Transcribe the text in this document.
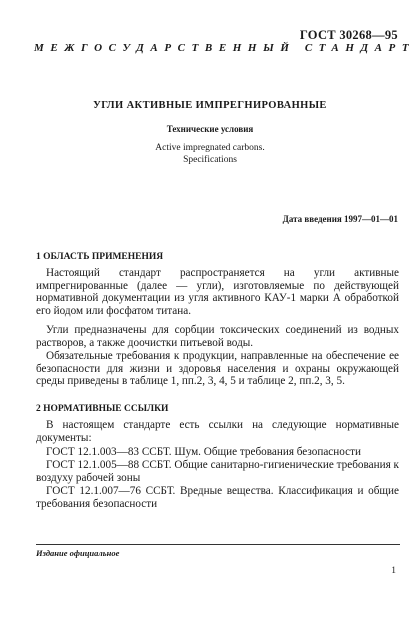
ГОСТ 30268—95
МЕЖГОСУДАРСТВЕННЫЙ СТАНДАРТ
УГЛИ АКТИВНЫЕ ИМПРЕГНИРОВАННЫЕ
Технические условия
Active impregnated carbons.
Specifications
Дата введения 1997—01—01
1 ОБЛАСТЬ ПРИМЕНЕНИЯ
Настоящий стандарт распространяется на угли активные импрегнированные (далее — угли), изготовляемые по действующей нормативной документации из угля активного КАУ-1 марки А обработкой его йодом или фосфатом титана.
Угли предназначены для сорбции токсических соединений из водных растворов, а также доочистки питьевой воды.
Обязательные требования к продукции, направленные на обеспечение ее безопасности для жизни и здоровья населения и охраны окружающей среды приведены в таблице 1, пп.2, 3, 4, 5 и таблице 2, пп.2, 3, 5.
2 НОРМАТИВНЫЕ ССЫЛКИ
В настоящем стандарте есть ссылки на следующие нормативные документы:
ГОСТ 12.1.003—83 ССБТ. Шум. Общие требования безопасности
ГОСТ 12.1.005—88 ССБТ. Общие санитарно-гигиенические требования к воздуху рабочей зоны
ГОСТ 12.1.007—76 ССБТ. Вредные вещества. Классификация и общие требования безопасности
Издание официальное
1
